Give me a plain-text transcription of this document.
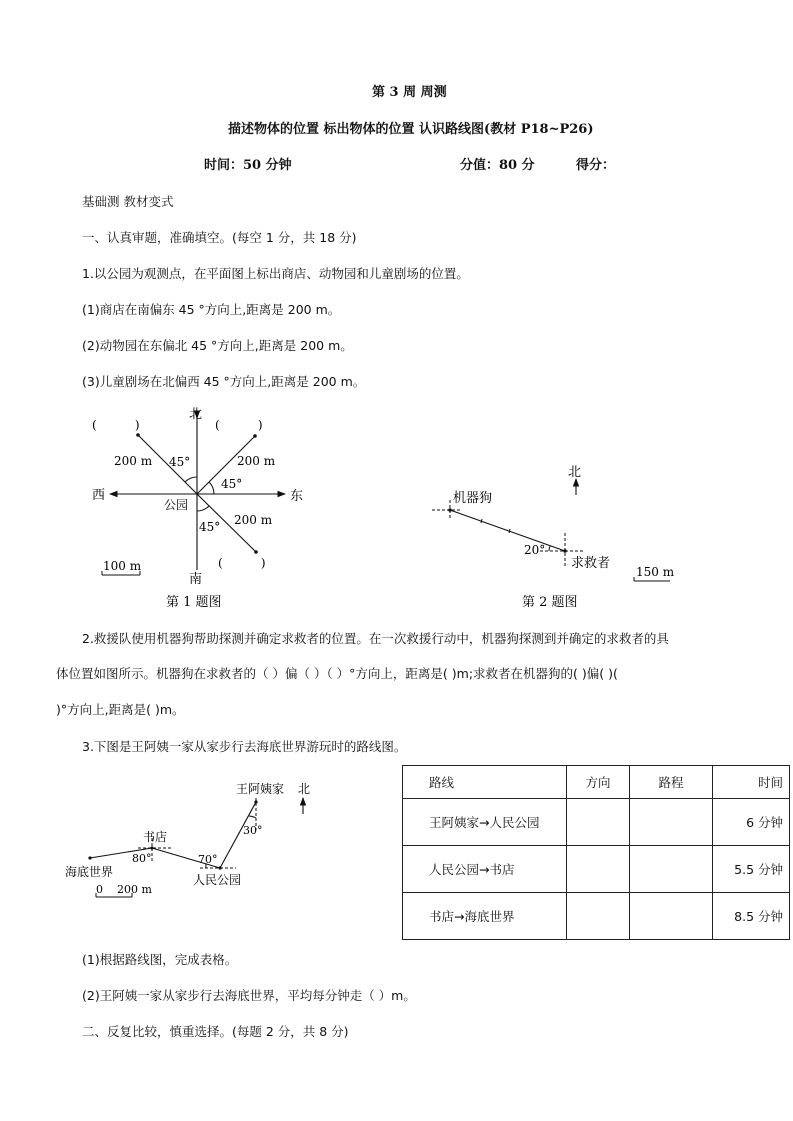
第 3 周 周测
描述物体的位置 标出物体的位置 认识路线图(教材 P18~P26)
时间：50 分钟	分值：80 分	得分：
基础测 教材变式
一、认真审题，准确填空。(每空 1 分，共 18 分)
1.以公园为观测点，在平面图上标出商店、动物园和儿童剧场的位置。
(1)商店在南偏东 45 °方向上,距离是 200 m。
(2)动物园在东偏北 45 °方向上,距离是 200 m。
(3)儿童剧场在北偏西 45 °方向上,距离是 200 m。
北
南
西	东
公园
200 m	200 m
200 m
45°
45°
45°
(          )	(          )
(          )
100 m
第 1 题图
北
机器狗
20°
求救者
150 m
第 2 题图
2.救援队使用机器狗帮助探测并确定求救者的位置。在一次救援行动中，机器狗探测到并确定的求救者的具
体位置如图所示。机器狗在求救者的（ ）偏（ ）（ ）°方向上，距离是( )m;求救者在机器狗的( )偏( )(
)°方向上,距离是( )m。
3.下图是王阿姨一家从家步行去海底世界游玩时的路线图。
王阿姨家 北
30°
70°
人民公园
书店
80°
海底世界
0    200 m
路线	方向	路程	时间
王阿姨家→人民公园			6 分钟
人民公园→书店			5.5 分钟
书店→海底世界			8.5 分钟
(1)根据路线图，完成表格。
(2)王阿姨一家从家步行去海底世界，平均每分钟走（ ）m。
二、反复比较，慎重选择。(每题 2 分，共 8 分)
